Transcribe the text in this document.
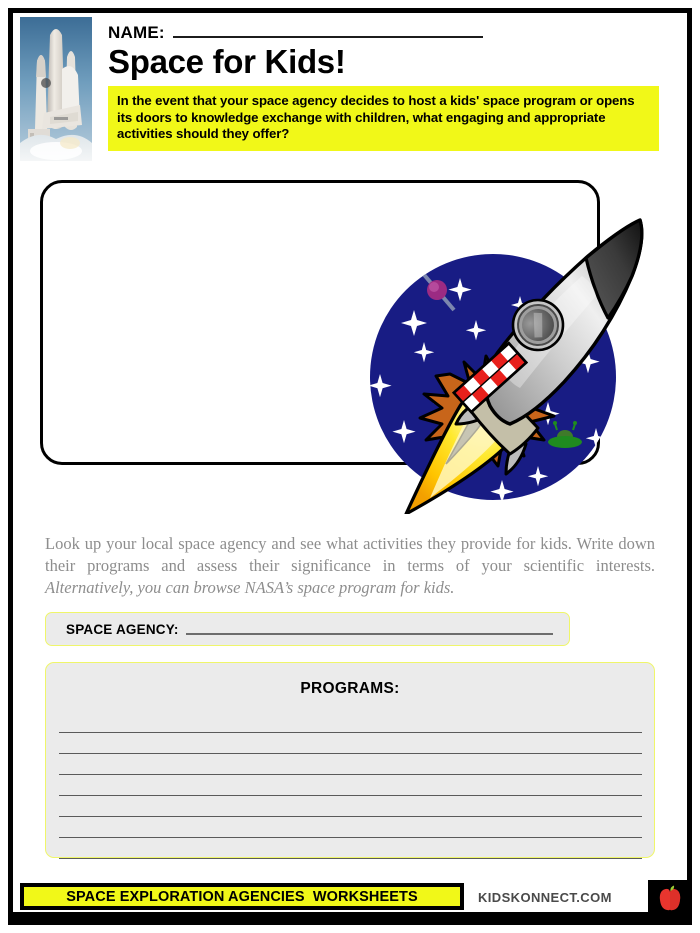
NAME:
Space for Kids!
In the event that your space agency decides to host a kids' space program or opens its doors to knowledge exchange with children, what engaging and appropriate activities should they offer?
Look up your local space agency and see what activities they provide for kids. Write down their programs and assess their significance in terms of your scientific interests. Alternatively, you can browse NASA’s space program for kids.
SPACE AGENCY:
PROGRAMS:
SPACE EXPLORATION AGENCIES  WORKSHEETS	KIDSKONNECT.COM
